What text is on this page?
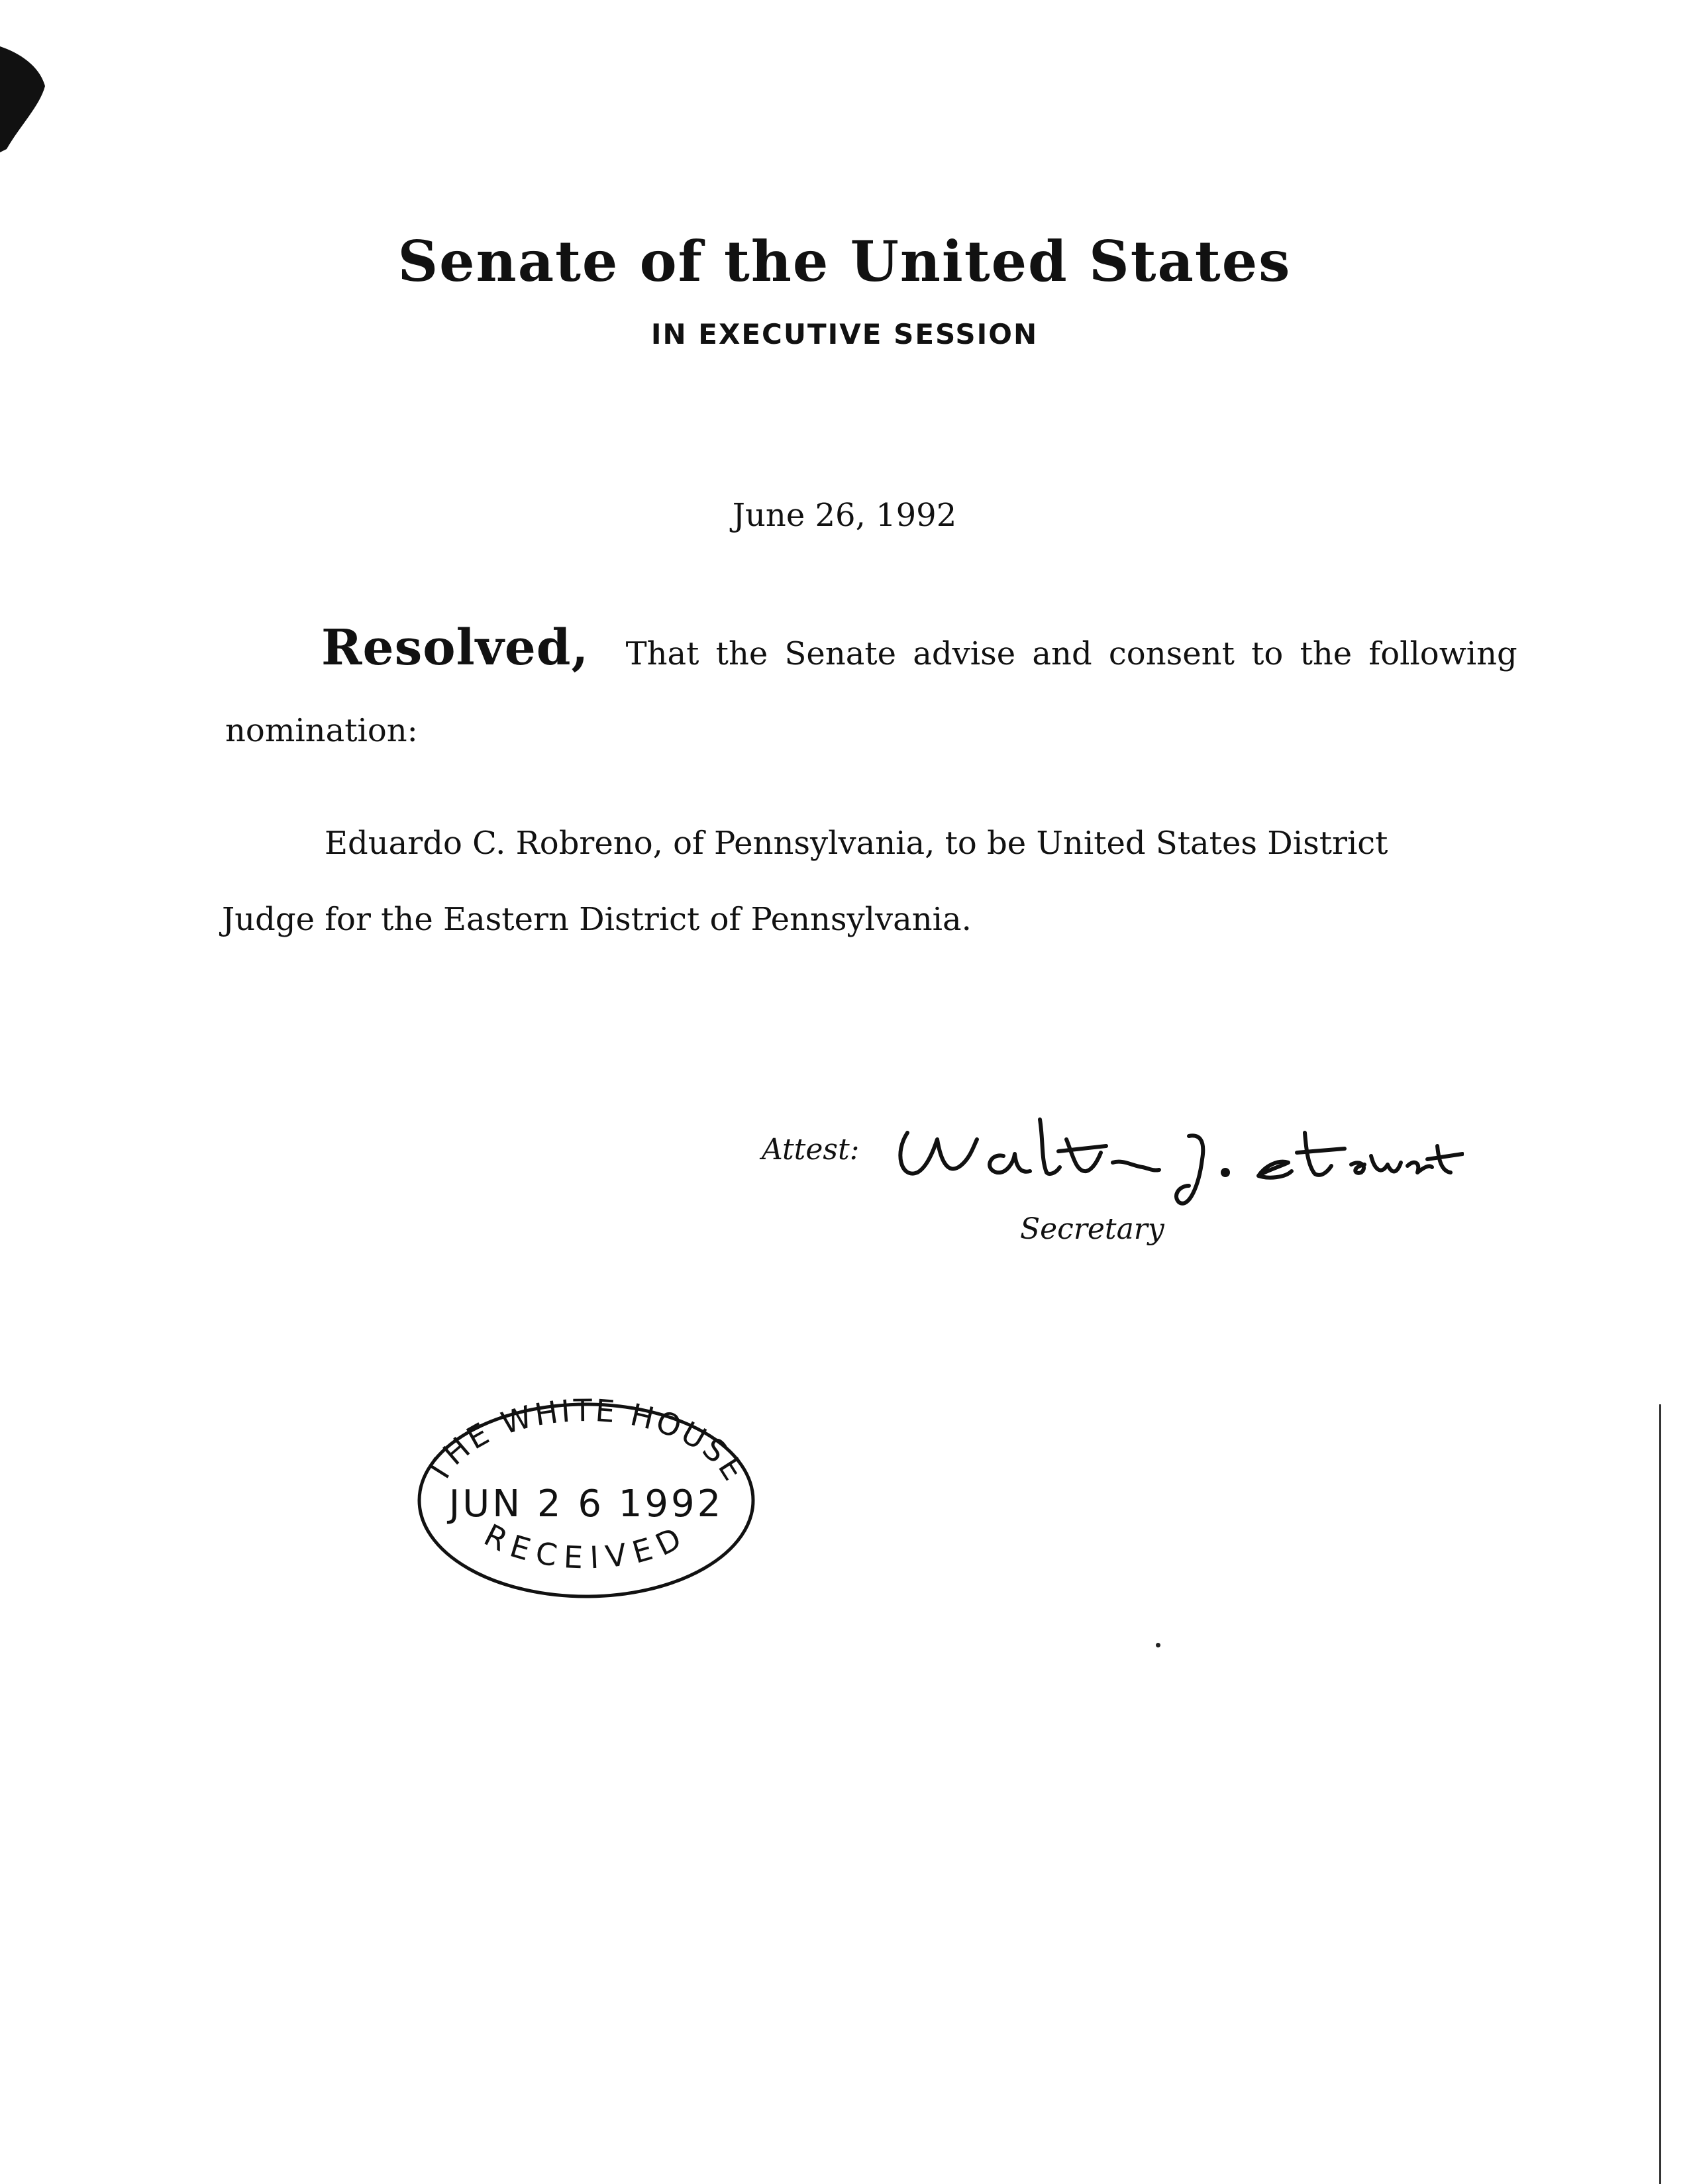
Senate of the United States
IN EXECUTIVE SESSION
June 26, 1992
Resolved, That the Senate advise and consent to the following
nomination:
Eduardo C. Robreno, of Pennsylvania, to be United States District
Judge for the Eastern District of Pennsylvania.
Attest:
Secretary
THE WHITE HOUSE
RECEIVED
JUN 2 6 1992
